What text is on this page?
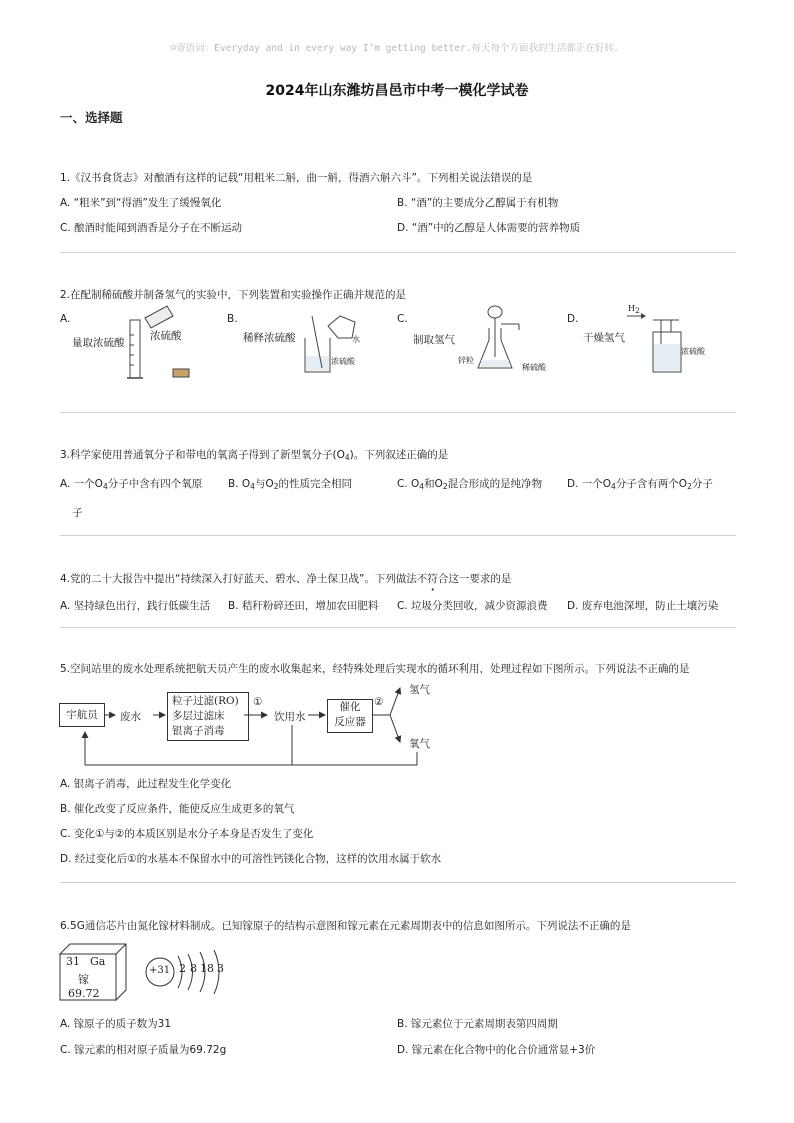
☺寄语词：Everyday and in every way I’m getting better.每天每个方面我的生活都正在好转。
2024年山东潍坊昌邑市中考一模化学试卷
一、选择题
1.《汉书食货志》对酿酒有这样的记载“用粗米二斛，曲一斛，得酒六斛六斗”。下列相关说法错误的是
A. “粗米”到“得酒”发生了缓慢氧化	B. “酒”的主要成分乙醇属于有机物
C. 酿酒时能闻到酒香是分子在不断运动	D. “酒”中的乙醇是人体需要的营养物质
2.在配制稀硫酸并制备氢气的实验中，下列装置和实验操作正确并规范的是
A.
量取浓硫酸
浓硫酸
B.
稀释浓硫酸	水
浓硫酸
C.
制取氢气
锌粒
稀硫酸
D.
干燥氢气
$H_2$
浓硫酸
3.科学家使用普通氧分子和带电的氧离子得到了新型氧分子$(O_4)$。下列叙述正确的是
A. 一个$O_4$分子中含有四个氧原
子
B. $O_4$与$O_2$的性质完全相同	C. $O_4$和$O_2$混合形成的是纯净物 D. 一个$O_4$分子含有两个$O_2$分子
4.党的二十大报告中提出“持续深入打好蓝天、碧水、净土保卫战”。下列做法不符合这一要求的是
A. 坚持绿色出行，践行低碳生活 B. 秸秆粉碎还田，增加农田肥料 C. 垃圾分类回收，减少资源浪费 D. 废弃电池深埋，防止土壤污染
5.空间站里的废水处理系统把航天员产生的废水收集起来，经特殊处理后实现水的循环利用，处理过程如下图所示。下列说法不正确的是
宇航员	废水
粒子过滤(RO)
多层过滤床
银离子消毒
①
饮用水
催化
反应器
②
氢气
氧气
A. 银离子消毒，此过程发生化学变化
B. 催化改变了反应条件，能使反应生成更多的氧气
C. 变化①与②的本质区别是水分子本身是否发生了变化
D. 经过变化后①的水基本不保留水中的可溶性钙镁化合物，这样的饮用水属于软水
6.5G通信芯片由氮化镓材料制成。已知镓原子的结构示意图和镓元素在元素周期表中的信息如图所示。下列说法不正确的是
31 Ga
镓
69.72
+31 2 8 18 3
A. 镓原子的质子数为31	B. 镓元素位于元素周期表第四周期
C. 镓元素的相对原子质量为69.72g	D. 镓元素在化合物中的化合价通常显+3价
